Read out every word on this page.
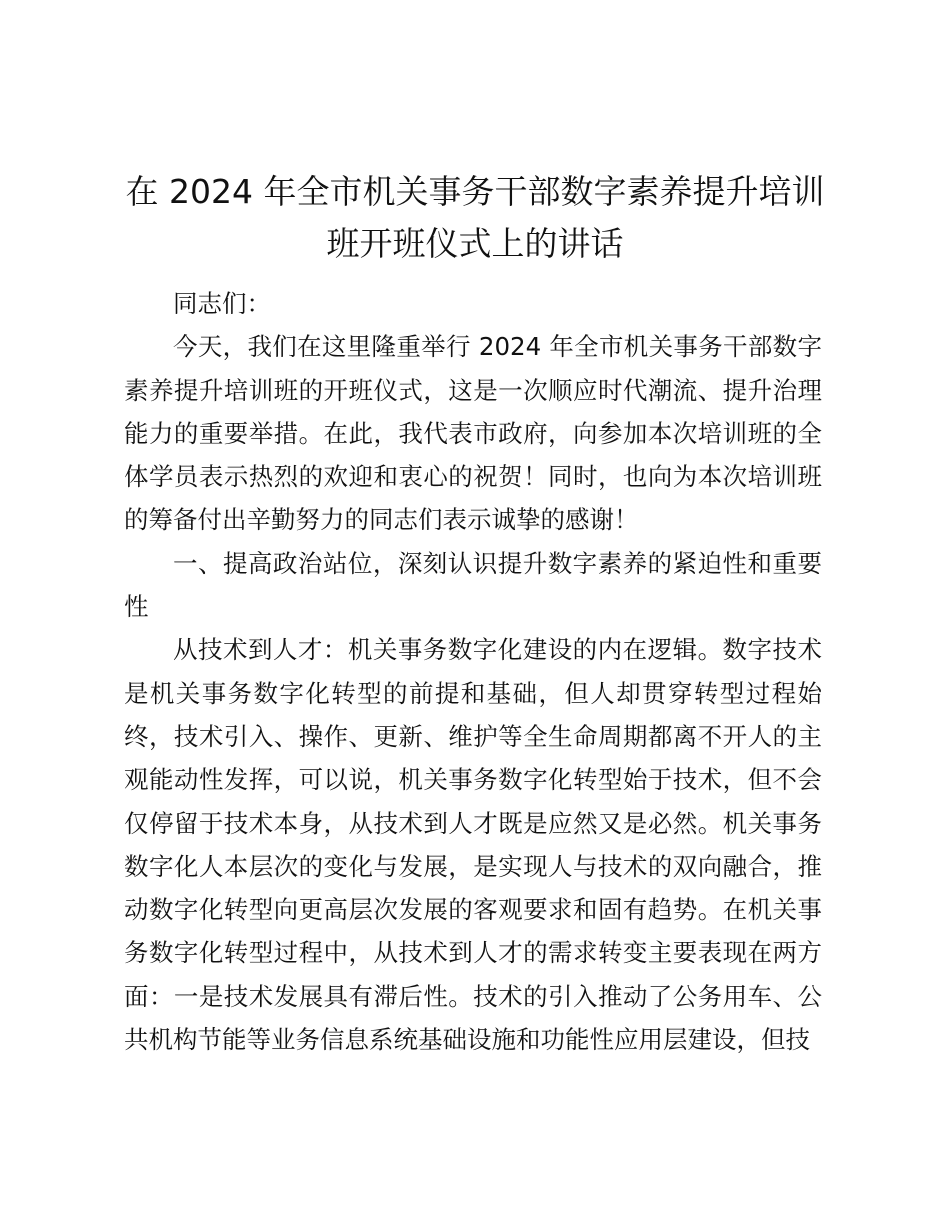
在 2024 年全市机关事务干部数字素养提升培训班开班仪式上的讲话

同志们：

今天，我们在这里隆重举行 2024 年全市机关事务干部数字素养提升培训班的开班仪式，这是一次顺应时代潮流、提升治理能力的重要举措。在此，我代表市政府，向参加本次培训班的全体学员表示热烈的欢迎和衷心的祝贺！同时，也向为本次培训班的筹备付出辛勤努力的同志们表示诚挚的感谢！

一、提高政治站位，深刻认识提升数字素养的紧迫性和重要性

从技术到人才：机关事务数字化建设的内在逻辑。数字技术是机关事务数字化转型的前提和基础，但人却贯穿转型过程始终，技术引入、操作、更新、维护等全生命周期都离不开人的主观能动性发挥，可以说，机关事务数字化转型始于技术，但不会仅停留于技术本身，从技术到人才既是应然又是必然。机关事务数字化人本层次的变化与发展，是实现人与技术的双向融合，推动数字化转型向更高层次发展的客观要求和固有趋势。在机关事务数字化转型过程中，从技术到人才的需求转变主要表现在两方面：一是技术发展具有滞后性。技术的引入推动了公务用车、公共机构节能等业务信息系统基础设施和功能性应用层建设，但技
